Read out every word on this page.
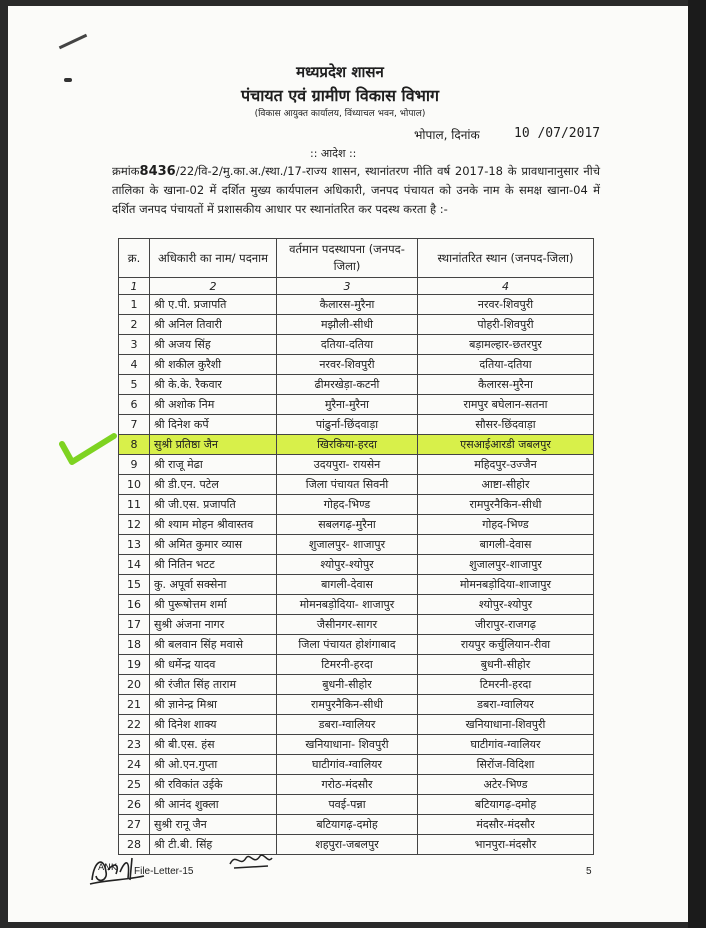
मध्यप्रदेश शासन
पंचायत एवं ग्रामीण विकास विभाग
(विकास आयुक्त कार्यालय, विंध्याचल भवन, भोपाल)
भोपाल, दिनांक	10 /07/2017
:: आदेश ::
क्रमांक8436/22/वि-2/मु.का.अ./स्था./17-राज्य शासन, स्थानांतरण नीति वर्ष 2017-18 के प्रावधानानुसार नीचे तालिका के खाना-02 में दर्शित मुख्य कार्यपालन अधिकारी, जनपद पंचायत को उनके नाम के समक्ष खाना-04 में दर्शित जनपद पंचायतों में प्रशासकीय आधार पर स्थानांतरित कर पदस्थ करता है :-
क्र.	अधिकारी का नाम/ पदनाम	वर्तमान पदस्थापना (जनपद-जिला)	स्थानांतरित स्थान (जनपद-जिला)
1	2	3	4
1	श्री ए.पी. प्रजापति	कैलारस-मुरैना	नरवर-शिवपुरी
2	श्री अनिल तिवारी	मझौली-सीधी	पोहरी-शिवपुरी
3	श्री अजय सिंह	दतिया-दतिया	बड़ामल्हार-छतरपुर
4	श्री शकील कुरैशी	नरवर-शिवपुरी	दतिया-दतिया
5	श्री के.के. रैकवार	ढीमरखेड़ा-कटनी	कैलारस-मुरैना
6	श्री अशोक निम	मुरैना-मुरैना	रामपुर बघेलान-सतना
7	श्री दिनेश कर्पे	पांढुर्ना-छिंदवाड़ा	सौसर-छिंदवाड़ा
8	सुश्री प्रतिष्ठा जैन	खिरकिया-हरदा	एसआईआरडी जबलपुर
9	श्री राजू मेढा	उदयपुरा- रायसेन	महिदपुर-उज्जैन
10	श्री डी.एन. पटेल	जिला पंचायत सिवनी	आष्टा-सीहोर
11	श्री जी.एस. प्रजापति	गोहद-भिण्ड	रामपुरनैकिन-सीधी
12	श्री श्याम मोहन श्रीवास्तव	सबलगढ़-मुरैना	गोहद-भिण्ड
13	श्री अमित कुमार व्यास	शुजालपुर- शाजापुर	बागली-देवास
14	श्री नितिन भटट	श्योपुर-श्योपुर	शुजालपुर-शाजापुर
15	कु. अपूर्वा सक्सेना	बागली-देवास	मोमनबड़ोदिया-शाजापुर
16	श्री पुरूषोत्तम शर्मा	मोमनबड़ोदिया- शाजापुर	श्योपुर-श्योपुर
17	सुश्री अंजना नागर	जैसीनगर-सागर	जीरापुर-राजगढ़
18	श्री बलवान सिंह मवासे	जिला पंचायत होशंगाबाद	रायपुर कर्चुलियान-रीवा
19	श्री धर्मेन्द्र यादव	टिमरनी-हरदा	बुधनी-सीहोर
20	श्री रंजीत सिंह ताराम	बुधनी-सीहोर	टिमरनी-हरदा
21	श्री ज्ञानेन्द्र मिश्रा	रामपुरनैकिन-सीधी	डबरा-ग्वालियर
22	श्री दिनेश शाक्य	डबरा-ग्वालियर	खनियाधाना-शिवपुरी
23	श्री बी.एस. हंस	खनियाधाना- शिवपुरी	घाटीगांव-ग्वालियर
24	श्री ओ.एन.गुप्ता	घाटीगांव-ग्वालियर	सिरोंज-विदिशा
25	श्री रविकांत उईके	गरोठ-मंदसौर	अटेर-भिण्ड
26	श्री आनंद शुक्ला	पवई-पन्ना	बटियागढ़-दमोह
27	सुश्री रानू जैन	बटियागढ़-दमोह	मंदसौर-मंदसौर
28	श्री टी.बी. सिंह	शहपुरा-जबलपुर	भानपुरा-मंदसौर
ANK File-Letter-15	5
